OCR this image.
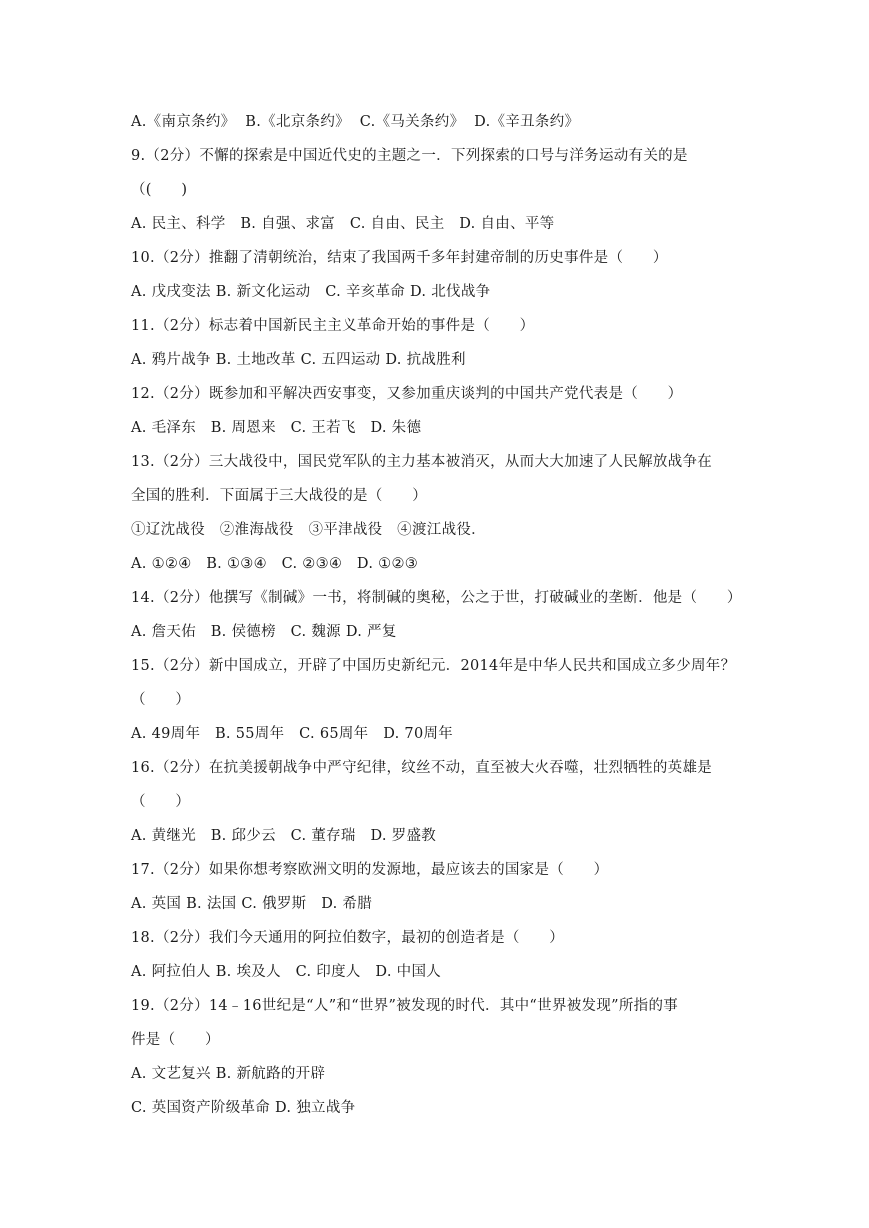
A.《南京条约》  B.《北京条约》  C.《马关条约》  D.《辛丑条约》
9.（2分）不懈的探索是中国近代史的主题之一．下列探索的口号与洋务运动有关的是
（(　　)
A. 民主、科学   B. 自强、求富   C. 自由、民主   D. 自由、平等
10.（2分）推翻了清朝统治，结束了我国两千多年封建帝制的历史事件是（　　）
A. 戊戌变法 B. 新文化运动   C. 辛亥革命 D. 北伐战争
11.（2分）标志着中国新民主主义革命开始的事件是（　　）
A. 鸦片战争 B. 土地改革 C. 五四运动 D. 抗战胜利
12.（2分）既参加和平解决西安事变，又参加重庆谈判的中国共产党代表是（　　）
A. 毛泽东   B. 周恩来   C. 王若飞   D. 朱德
13.（2分）三大战役中，国民党军队的主力基本被消灭，从而大大加速了人民解放战争在
全国的胜利．下面属于三大战役的是（　　）
①辽沈战役   ②淮海战役   ③平津战役   ④渡江战役．
A. ①②④   B. ①③④   C. ②③④   D. ①②③
14.（2分）他撰写《制碱》一书，将制碱的奥秘，公之于世，打破碱业的垄断．他是（　　）
A. 詹天佑   B. 侯德榜   C. 魏源 D. 严复
15.（2分）新中国成立，开辟了中国历史新纪元．2014年是中华人民共和国成立多少周年？
（　　）
A. 49周年   B. 55周年   C. 65周年   D. 70周年
16.（2分）在抗美援朝战争中严守纪律，纹丝不动，直至被大火吞噬，壮烈牺牲的英雄是
（　　）
A. 黄继光   B. 邱少云   C. 董存瑞   D. 罗盛教
17.（2分）如果你想考察欧洲文明的发源地，最应该去的国家是（　　）
A. 英国 B. 法国 C. 俄罗斯   D. 希腊
18.（2分）我们今天通用的阿拉伯数字，最初的创造者是（　　）
A. 阿拉伯人 B. 埃及人   C. 印度人   D. 中国人
19.（2分）14﹣16世纪是“人”和“世界”被发现的时代．其中“世界被发现”所指的事
件是（　　）
A. 文艺复兴 B. 新航路的开辟
C. 英国资产阶级革命 D. 独立战争
